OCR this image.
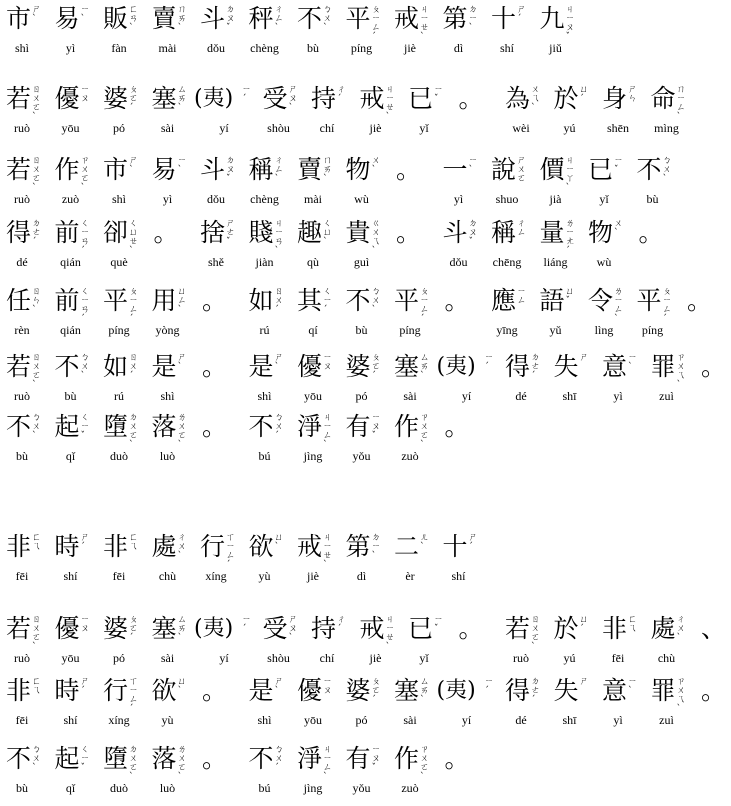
市 ㄕˋ
shì
易 ㄧˋ
yì
販 ㄈㄢˋ
fàn
賣 ㄇㄞˋ
mài
斗 ㄉㄡˇ
dǒu
秤 ㄔㄥˋ
chèng
不 ㄅㄨˋ
bù
平 ㄆㄧㄥˊ
píng
戒 ㄐㄧㄝˋ
jiè
第 ㄉㄧˋ
dì
十 ㄕˊ
shí
九 ㄐㄧㄡˇ
jiǔ
若 ㄖㄨㄛˋ
ruò
優 ㄧㄡ
yōu
婆 ㄆㄛˊ
pó
塞 ㄙㄞˋ
sài
(夷) ㄧˊ
yí
受 ㄕㄡˋ
shòu
持 ㄔˊ
chí
戒 ㄐㄧㄝˋ
jiè
已 ㄧˇ
yǐ
。 為 ㄨㄟˋ
wèi
於 ㄩˊ
yú
身 ㄕㄣ
shēn
命 ㄇㄧㄥˋ
mìng
若 ㄖㄨㄛˋ
ruò
作 ㄗㄨㄛˋ
zuò
市 ㄕˋ
shì
易 ㄧˋ
yì
斗 ㄉㄡˇ
dǒu
稱 ㄔㄥˋ
chèng
賣 ㄇㄞˋ
mài
物 ㄨˋ
wù
。 一 ㄧˋ
yì
說 ㄕㄨㄛ
shuo
價 ㄐㄧㄚˋ
jià
已 ㄧˇ
yǐ
不 ㄅㄨˋ
bù
得 ㄉㄜˊ
dé
前 ㄑㄧㄢˊ
qián
卻 ㄑㄩㄝˋ
què
。 捨 ㄕㄜˇ
shě
賤 ㄐㄧㄢˋ
jiàn
趣 ㄑㄩˋ
qù
貴 ㄍㄨㄟˋ
guì
。 斗 ㄉㄡˇ
dǒu
稱 ㄔㄥ
chēng
量 ㄌㄧㄤˊ
liáng
物 ㄨˋ
wù
。
任 ㄖㄣˋ
rèn
前 ㄑㄧㄢˊ
qián
平 ㄆㄧㄥˊ
píng
用 ㄩㄥˋ
yòng
。 如 ㄖㄨˊ
rú
其 ㄑㄧˊ
qí
不 ㄅㄨˋ
bù
平 ㄆㄧㄥˊ
píng
。 應 ㄧㄥ
yīng
語 ㄩˇ
yǔ
令 ㄌㄧㄥˋ
lìng
平 ㄆㄧㄥˊ
píng
。
若 ㄖㄨㄛˋ
ruò
不 ㄅㄨˋ
bù
如 ㄖㄨˊ
rú
是 ㄕˋ
shì
。 是 ㄕˋ
shì
優 ㄧㄡ
yōu
婆 ㄆㄛˊ
pó
塞 ㄙㄞˋ
sài
(夷) ㄧˊ
yí
得 ㄉㄜˊ
dé
失 ㄕ
shī
意 ㄧˋ
yì
罪 ㄗㄨㄟˋ
zuì
。
不 ㄅㄨˋ
bù
起 ㄑㄧˇ
qǐ
墮 ㄉㄨㄛˋ
duò
落 ㄌㄨㄛˋ
luò
。 不 ㄅㄨˊ
bú
淨 ㄐㄧㄥˋ
jìng
有 ㄧㄡˇ
yǒu
作 ㄗㄨㄛˋ
zuò
。
非 ㄈㄟ
fēi
時 ㄕˊ
shí
非 ㄈㄟ
fēi
處 ㄔㄨˋ
chù
行 ㄒㄧㄥˊ
xíng
欲 ㄩˋ
yù
戒 ㄐㄧㄝˋ
jiè
第 ㄉㄧˋ
dì
二 ㄦˋ
èr
十 ㄕˊ
shí
若 ㄖㄨㄛˋ
ruò
優 ㄧㄡ
yōu
婆 ㄆㄛˊ
pó
塞 ㄙㄞˋ
sài
(夷) ㄧˊ
yí
受 ㄕㄡˋ
shòu
持 ㄔˊ
chí
戒 ㄐㄧㄝˋ
jiè
已 ㄧˇ
yǐ
。 若 ㄖㄨㄛˋ
ruò
於 ㄩˊ
yú
非 ㄈㄟ
fēi
處 ㄔㄨˋ
chù
、
非 ㄈㄟ
fēi
時 ㄕˊ
shí
行 ㄒㄧㄥˊ
xíng
欲 ㄩˋ
yù
。 是 ㄕˋ
shì
優 ㄧㄡ
yōu
婆 ㄆㄛˊ
pó
塞 ㄙㄞˋ
sài
(夷) ㄧˊ
yí
得 ㄉㄜˊ
dé
失 ㄕ
shī
意 ㄧˋ
yì
罪 ㄗㄨㄟˋ
zuì
。
不 ㄅㄨˋ
bù
起 ㄑㄧˇ
qǐ
墮 ㄉㄨㄛˋ
duò
落 ㄌㄨㄛˋ
luò
。 不 ㄅㄨˊ
bú
淨 ㄐㄧㄥˋ
jìng
有 ㄧㄡˇ
yǒu
作 ㄗㄨㄛˋ
zuò
。
